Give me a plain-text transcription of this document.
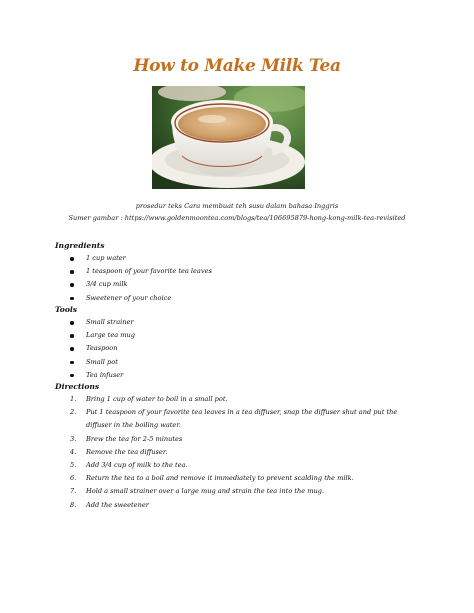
How to Make Milk Tea
prosedur teks Cara membuat teh susu dalam bahasa Inggris
Sumer gambar : https://www.goldenmoontea.com/blogs/tea/106695879-hong-kong-milk-tea-revisited
Ingredients
1 cup water
1 teaspoon of your favorite tea leaves
3/4 cup milk
Sweetener of your choice
Tools
Small strainer
Large tea mug
Teaspoon
Small pot
Tea infuser
Directions
1. Bring 1 cup of water to boil in a small pot.
2. Put 1 teaspoon of your favorite tea leaves in a tea diffuser, snap the diffuser shut and put the diffuser in the boiling water.
3. Brew the tea for 2-5 minutes
4. Remove the tea diffuser.
5. Add 3/4 cup of milk to the tea.
6. Return the tea to a boil and remove it immediately to prevent scalding the milk.
7. Hold a small strainer over a large mug and strain the tea into the mug.
8. Add the sweetener
